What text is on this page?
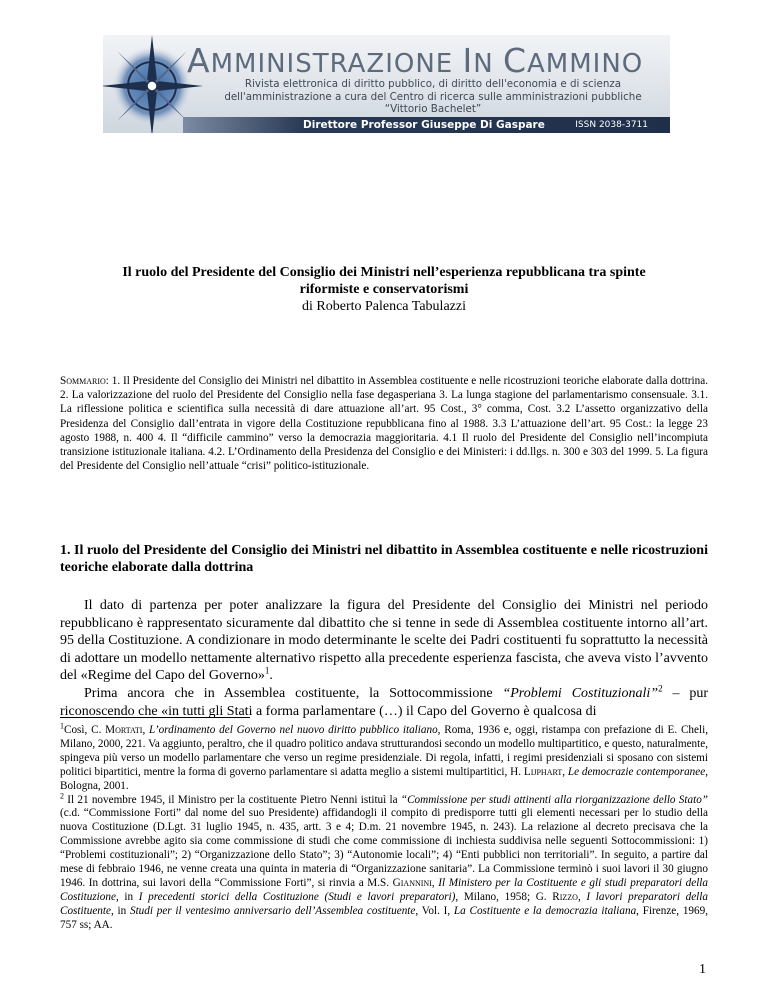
AMMINISTRAZIONE IN CAMMINO
Rivista elettronica di diritto pubblico, di diritto dell'economia e di scienza
dell'amministrazione a cura del Centro di ricerca sulle amministrazioni pubbliche
“Vittorio Bachelet”
Direttore Professor Giuseppe Di Gaspare	ISSN 2038-3711
Il ruolo del Presidente del Consiglio dei Ministri nell’esperienza repubblicana tra spinte
riformiste e conservatorismi
di Roberto Palenca Tabulazzi
Sommario: 1. Il Presidente del Consiglio dei Ministri nel dibattito in Assemblea costituente e nelle ricostruzioni teoriche elaborate dalla dottrina. 2. La valorizzazione del ruolo del Presidente del Consiglio nella fase degasperiana 3. La lunga stagione del parlamentarismo consensuale. 3.1. La riflessione politica e scientifica sulla necessità di dare attuazione all’art. 95 Cost., 3° comma, Cost. 3.2 L’assetto organizzativo della Presidenza del Consiglio dall’entrata in vigore della Costituzione repubblicana fino al 1988. 3.3 L’attuazione dell’art. 95 Cost.: la legge 23 agosto 1988, n. 400 4. Il “difficile cammino” verso la democrazia maggioritaria. 4.1 Il ruolo del Presidente del Consiglio nell’incompiuta transizione istituzionale italiana. 4.2. L’Ordinamento della Presidenza del Consiglio e dei Ministeri: i dd.llgs. n. 300 e 303 del 1999. 5. La figura del Presidente del Consiglio nell’attuale “crisi” politico-istituzionale.
1. Il ruolo del Presidente del Consiglio dei Ministri nel dibattito in Assemblea costituente e nelle ricostruzioni teoriche elaborate dalla dottrina

Il dato di partenza per poter analizzare la figura del Presidente del Consiglio dei Ministri nel periodo repubblicano è rappresentato sicuramente dal dibattito che si tenne in sede di Assemblea costituente intorno all’art. 95 della Costituzione. A condizionare in modo determinante le scelte dei Padri costituenti fu soprattutto la necessità di adottare un modello nettamente alternativo rispetto alla precedente esperienza fascista, che aveva visto l’avvento del «Regime del Capo del Governo»$^1$.

Prima ancora che in Assemblea costituente, la Sottocommissione “Problemi Costituzionali”$^2$ – pur riconoscendo che «in tutti gli Stati a forma parlamentare (…) il Capo del Governo è qualcosa di

$^1$Così, C. Mortati, L’ordinamento del Governo nel nuovo diritto pubblico italiano, Roma, 1936 e, oggi, ristampa con prefazione di E. Cheli, Milano, 2000, 221. Va aggiunto, peraltro, che il quadro politico andava strutturandosi secondo un modello multipartitico, e questo, naturalmente, spingeva più verso un modello parlamentare che verso un regime presidenziale. Di regola, infatti, i regimi presidenziali si sposano con sistemi politici bipartitici, mentre la forma di governo parlamentare si adatta meglio a sistemi multipartitici, H. Lijphart, Le democrazie contemporanee, Bologna, 2001.

$^2$ Il 21 novembre 1945, il Ministro per la costituente Pietro Nenni istituì la “Commissione per studi attinenti alla riorganizzazione dello Stato” (c.d. “Commissione Forti” dal nome del suo Presidente) affidandogli il compito di predisporre tutti gli elementi necessari per lo studio della nuova Costituzione (D.Lgt. 31 luglio 1945, n. 435, artt. 3 e 4; D.m. 21 novembre 1945, n. 243). La relazione al decreto precisava che la Commissione avrebbe agito sia come commissione di studi che come commissione di inchiesta suddivisa nelle seguenti Sottocommissioni: 1) “Problemi costituzionali”; 2) “Organizzazione dello Stato”; 3) “Autonomie locali”; 4) “Enti pubblici non territoriali”. In seguito, a partire dal mese di febbraio 1946, ne venne creata una quinta in materia di “Organizzazione sanitaria”. La Commissione terminò i suoi lavori il 30 giugno 1946. In dottrina, sui lavori della “Commissione Forti”, si rinvia a M.S. Giannini, Il Ministero per la Costituente e gli studi preparatori della Costituzione, in I precedenti storici della Costituzione (Studi e lavori preparatori), Milano, 1958; G. Rizzo, I lavori preparatori della Costituente, in Studi per il ventesimo anniversario dell’Assemblea costituente, Vol. I, La Costituente e la democrazia italiana, Firenze, 1969, 757 ss; AA.

1
